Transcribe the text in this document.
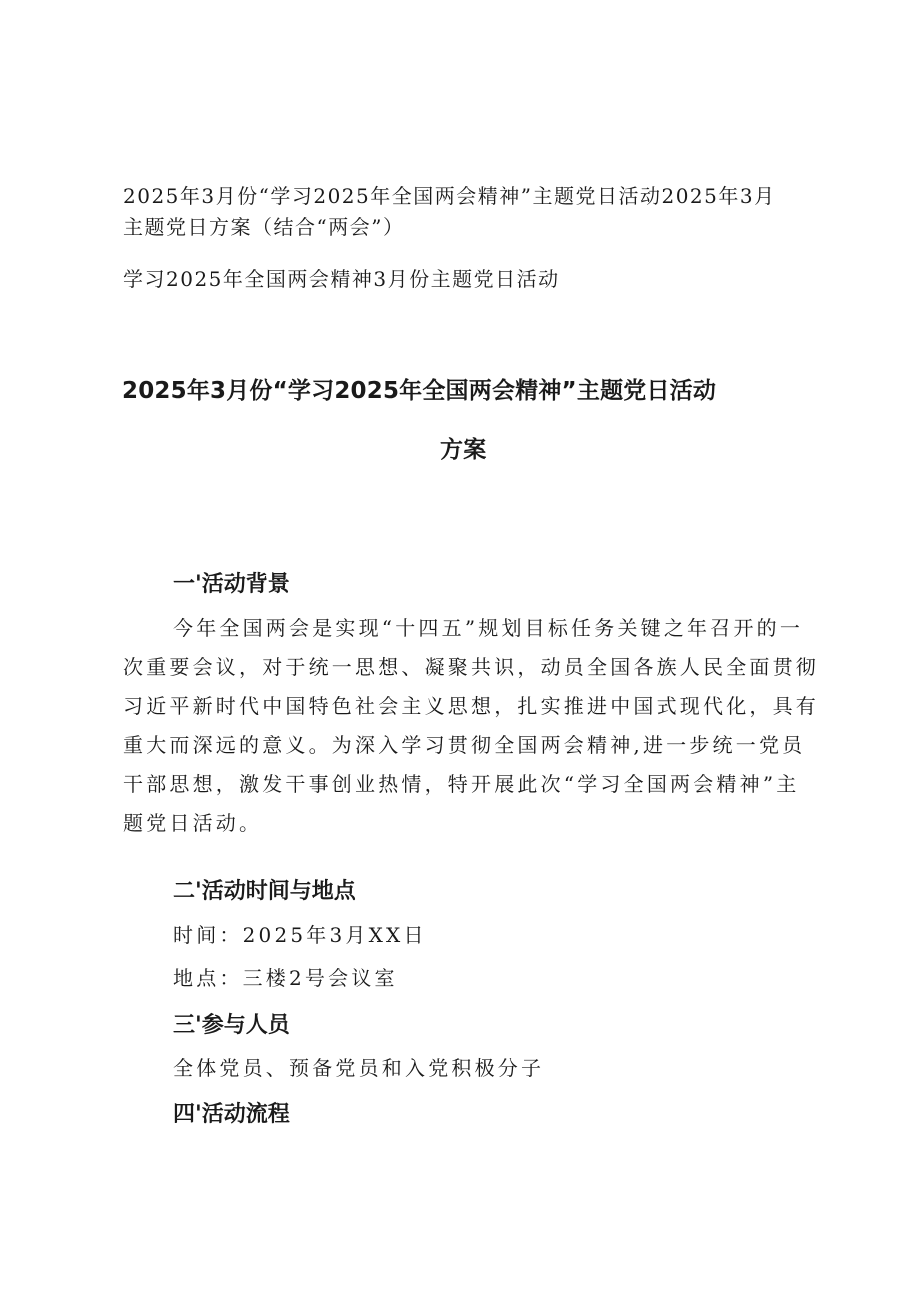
2025年3月份“学习2025年全国两会精神”主题党日活动2025年3月
主题党日方案（结合“两会”）
学习2025年全国两会精神3月份主题党日活动
2025年3月份“学习2025年全国两会精神”主题党日活动
方案
一'活动背景
今年全国两会是实现“十四五”规划目标任务关键之年召开的一
次重要会议，对于统一思想、凝聚共识，动员全国各族人民全面贯彻
习近平新时代中国特色社会主义思想，扎实推进中国式现代化，具有
重大而深远的意义。为深入学习贯彻全国两会精神,进一步统一党员
干部思想，激发干事创业热情，特开展此次“学习全国两会精神”主
题党日活动。
二'活动时间与地点
时间：2025年3月XX日
地点：三楼2号会议室
三'参与人员
全体党员、预备党员和入党积极分子
四'活动流程
